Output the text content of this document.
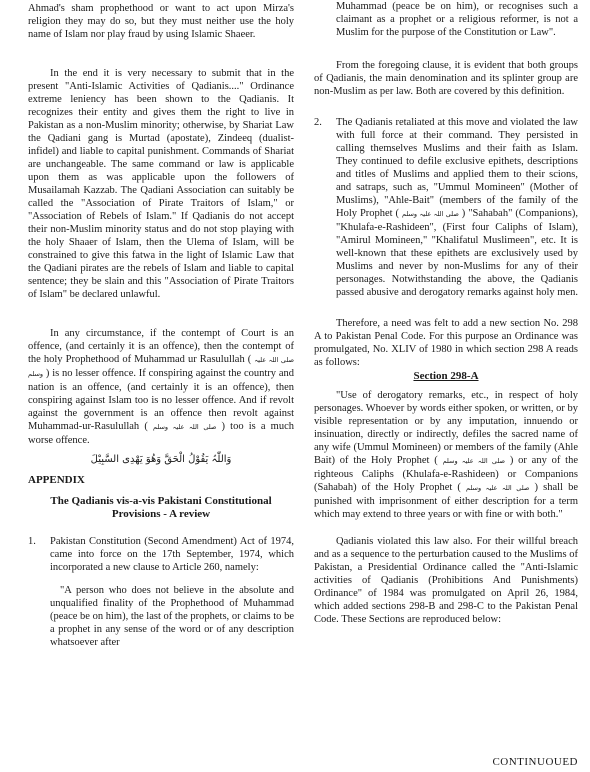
Ahmad's sham prophethood or want to act upon Mirza's religion they may do so, but they must neither use the holy name of Islam nor play fraud by using Islamic Shaeer.

In the end it is very necessary to submit that in the present "Anti-Islamic Activities of Qadianis...." Ordinance extreme leniency has been shown to the Qadianis. It recognizes their entity and gives them the right to live in Pakistan as a non-Muslim minority; otherwise, by Shariat Law the Qadiani gang is Murtad (apostate), Zindeeq (dualist-infidel) and liable to capital punishment. Commands of Shariat are unchangeable. The same command or law is applicable upon them as was applicable upon the followers of Musailamah Kazzab. The Qadiani Association can suitably be called the "Association of Pirate Traitors of Islam," or "Association of Rebels of Islam." If Qadianis do not accept their non-Muslim minority status and do not stop playing with the holy Shaaer of Islam, then the Ulema of Islam, will be constrained to give this fatwa in the light of Islamic Law that the Qadiani pirates are the rebels of Islam and liable to capital sentence; they be slain and this "Association of Pirate Traitors of Islam" be declared unlawful.

In any circumstance, if the contempt of Court is an offence, (and certainly it is an offence), then the contempt of the holy Prophethood of Muhammad ur Rasulullah ( صلی اللہ علیہ وسلم ) is no lesser offence. If conspiring against the country and nation is an offence, (and certainly it is an offence), then conspiring against Islam too is no lesser offence. And if revolt against the government is an offence then revolt against Muhammad-ur-Rasulullah ( صلی اللہ علیہ وسلم ) too is a much worse offence.

وَاللّٰہُ یَقُوْلُ الْحَقَّ وَھُوَ یَھْدِی السَّبِیْلَ

APPENDIX

The Qadianis vis-a-vis Pakistani Constitutional Provisions - A review

1.	Pakistan Constitution (Second Amendment) Act of 1974, came into force on the 17th September, 1974, which incorporated a new clause to Article 260, namely:

"A person who does not believe in the absolute and unqualified finality of the Prophethood of Muhammad (peace be on him), the last of the prophets, or claims to be a prophet in any sense of the word or of any description whatsoever after

Muhammad (peace be on him), or recognises such a claimant as a prophet or a religious reformer, is not a Muslim for the purpose of the Constitution or Law".

From the foregoing clause, it is evident that both groups of Qadianis, the main denomination and its splinter group are non-Muslim as per law. Both are covered by this definition.

2.	The Qadianis retaliated at this move and violated the law with full force at their command. They persisted in calling themselves Muslims and their faith as Islam. They continued to defile exclusive epithets, descriptions and titles of Muslims and applied them to their scions, and satraps, such as, "Ummul Momineen" (Mother of Muslims), "Ahle-Bait" (members of the family of the Holy Prophet ( صلی اللہ علیہ وسلم ) "Sahabah" (Companions), "Khulafa-e-Rashideen", (First four Caliphs of Islam), "Amirul Momineen," "Khalifatul Muslimeen", etc. It is well-known that these epithets are exclusively used by Muslims and never by non-Muslims for any of their personages. Notwithstanding the above, the Qadianis passed abusive and derogatory remarks against holy men.

Therefore, a need was felt to add a new section No. 298 A to Pakistan Penal Code. For this purpose an Ordinance was promulgated, No. XLIV of 1980 in which section 298 A reads as follows:

Section 298-A

"Use of derogatory remarks, etc., in respect of holy personages. Whoever by words either spoken, or written, or by visible representation or by any imputation, innuendo or insinuation, directly or indirectly, defiles the sacred name of any wife (Ummul Momineen) or members of the family (Ahle Bait) of the Holy Prophet ( صلی اللہ علیہ وسلم ) or any of the righteous Caliphs (Khulafa-e-Rashideen) or Companions (Sahabah) of the Holy Prophet ( صلی اللہ علیہ وسلم ) shall be punished with imprisonment of either description for a term which may extend to three years or with fine or with both."

Qadianis violated this law also. For their willful breach and as a sequence to the perturbation caused to the Muslims of Pakistan, a Presidential Ordinance called the "Anti-Islamic activities of Qadianis (Prohibitions And Punishments) Ordinance" of 1984 was promulgated on April 26, 1984, which added sections 298-B and 298-C to the Pakistan Penal Code. These Sections are reproduced below:

CONTINUOUED
